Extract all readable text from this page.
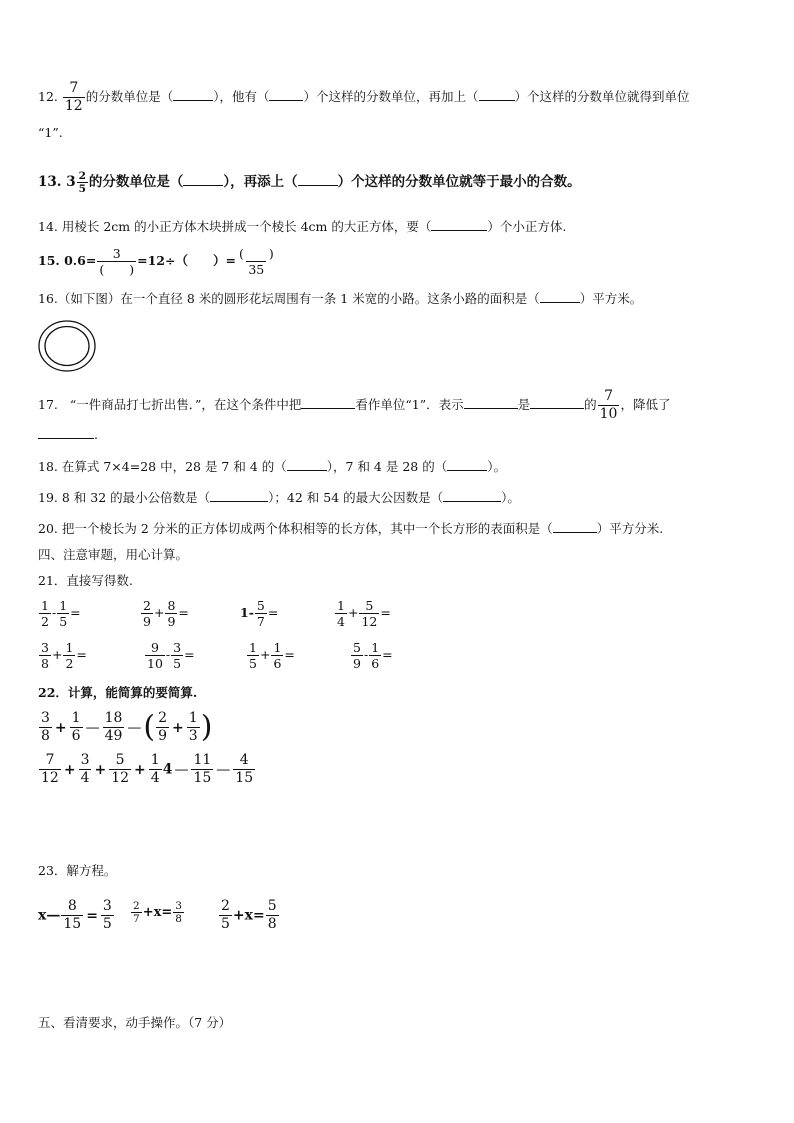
12. $\frac{7}{12}$ 的分数单位是（	），他有（	）个这样的分数单位，再加上（	）个这样的分数单位就得到单位
“1”.
13. $3 \frac{2}{5}$ 的分数单位是（	），再添上（	）个这样的分数单位就等于最小的合数。
14. 用棱长 2cm 的小正方体木块拼成一个棱长 4cm 的大正方体，要（	）个小正方体.
15. $0.6= \frac{3}{( )} =12\div$（　　）= $\frac{( )}{35}$
16.（如下图）在一个直径 8 米的圆形花坛周围有一条 1 米宽的小路。这条小路的面积是（	）平方米。
17. “一件商品打七折出售．”，在这个条件中把	看作单位“1”．表示	是	的 $\frac{7}{10}$ ，降低了
.
18. 在算式 7×4=28 中，28 是 7 和 4 的（	），7 和 4 是 28 的（	）。
19. 8 和 32 的最小公倍数是（	）；42 和 54 的最大公因数是（	）。
20. 把一个棱长为 2 分米的正方体切成两个体积相等的长方体，其中一个长方形的表面积是（	）平方分米.
四、注意审题，用心计算。
21．直接写得数.
$\frac{1}{2} - \frac{1}{5}$ =	$\frac{2}{9} + \frac{8}{9}$ =	$1- \frac{5}{7}$ =	$\frac{1}{4} + \frac{5}{12}$ =
$\frac{3}{8} + \frac{1}{2}$ =	$\frac{9}{10} - \frac{3}{5}$ =	$\frac{1}{5} + \frac{1}{6}$ =	$\frac{5}{9} - \frac{1}{6}$ =
22．计算，能简算的要简算.
$\frac{3}{8} + \frac{1}{6}$ — $\frac{18}{49}$ —( $\frac{2}{9} + \frac{1}{3}$ )
$\frac{7}{12} + \frac{3}{4} + \frac{5}{12} + \frac{1}{4} 4$ — $\frac{11}{15}$ — $\frac{4}{15}$
23．解方程。
x— $\frac{8}{15} = \frac{3}{5} \frac{2}{7} +x= \frac{3}{8}$	$\frac{2}{5} +x= \frac{5}{8}$
五、看清要求，动手操作。（7 分）
